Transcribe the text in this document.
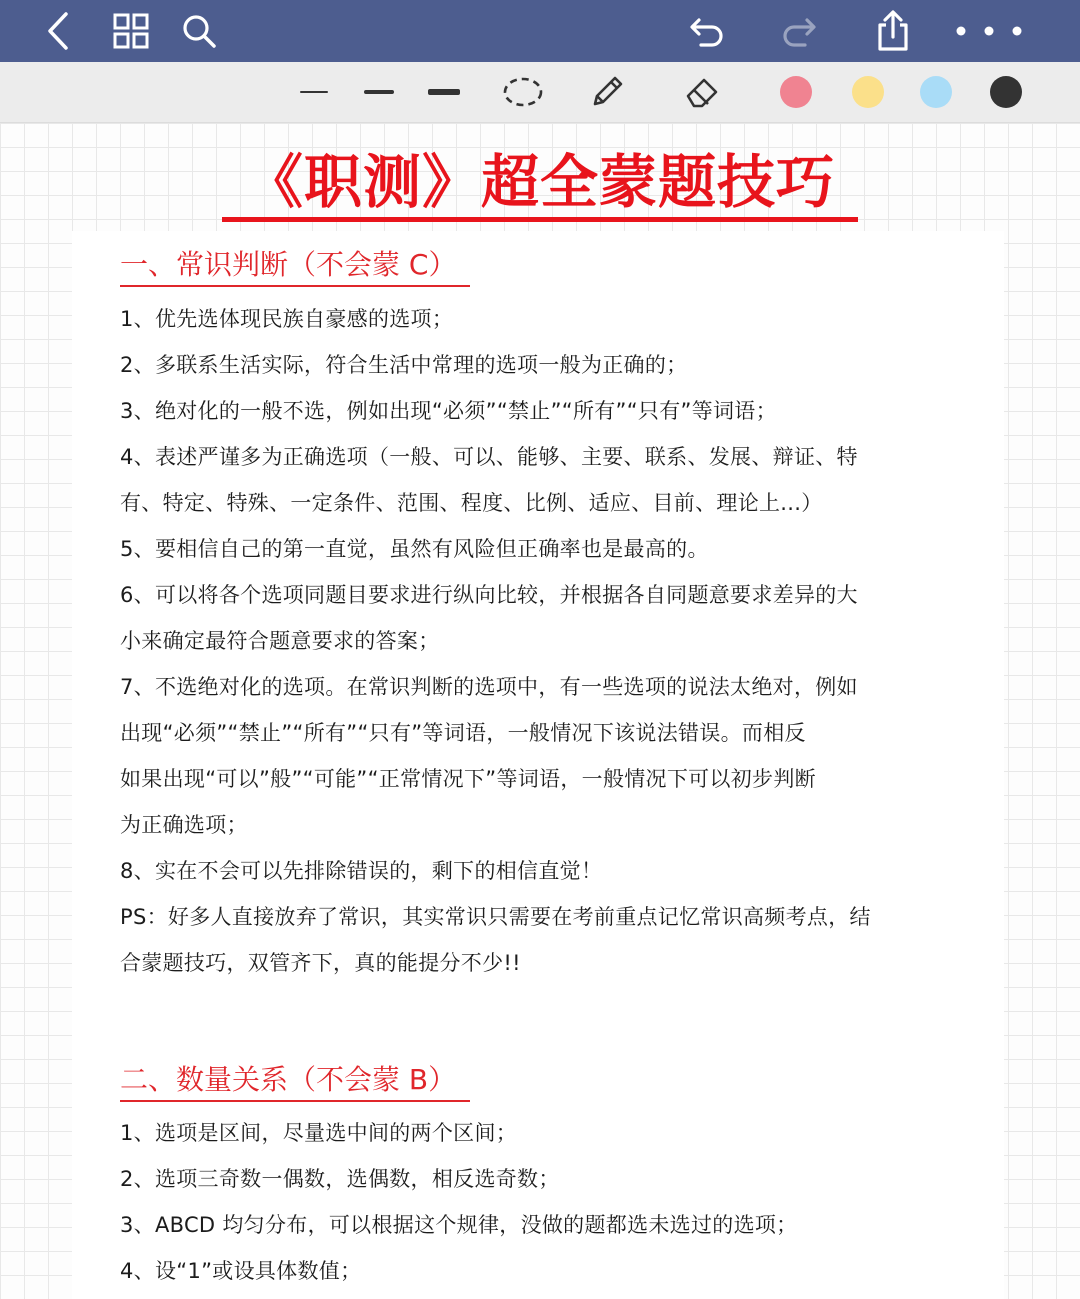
《职测》超全蒙题技巧
一、常识判断（不会蒙 C）
1、优先选体现民族自豪感的选项；
2、多联系生活实际，符合生活中常理的选项一般为正确的；
3、绝对化的一般不选，例如出现“必须”“禁止”“所有”“只有”等词语；
4、表述严谨多为正确选项（一般、可以、能够、主要、联系、发展、辩证、特
有、特定、特殊、一定条件、范围、程度、比例、适应、目前、理论上...）
5、要相信自己的第一直觉，虽然有风险但正确率也是最高的。
6、可以将各个选项同题目要求进行纵向比较，并根据各自同题意要求差异的大
小来确定最符合题意要求的答案；
7、不选绝对化的选项。在常识判断的选项中，有一些选项的说法太绝对，例如
出现“必须”“禁止”“所有”“只有”等词语，一般情况下该说法错误。而相反
如果出现“可以”般”“可能”“正常情况下”等词语，一般情况下可以初步判断
为正确选项；
8、实在不会可以先排除错误的，剩下的相信直觉！
PS：好多人直接放弃了常识，其实常识只需要在考前重点记忆常识高频考点，结
合蒙题技巧，双管齐下，真的能提分不少!!
二、数量关系（不会蒙 B）
1、选项是区间，尽量选中间的两个区间；
2、选项三奇数一偶数，选偶数，相反选奇数；
3、ABCD 均匀分布，可以根据这个规律，没做的题都选未选过的选项；
4、设“1”或设具体数值；
